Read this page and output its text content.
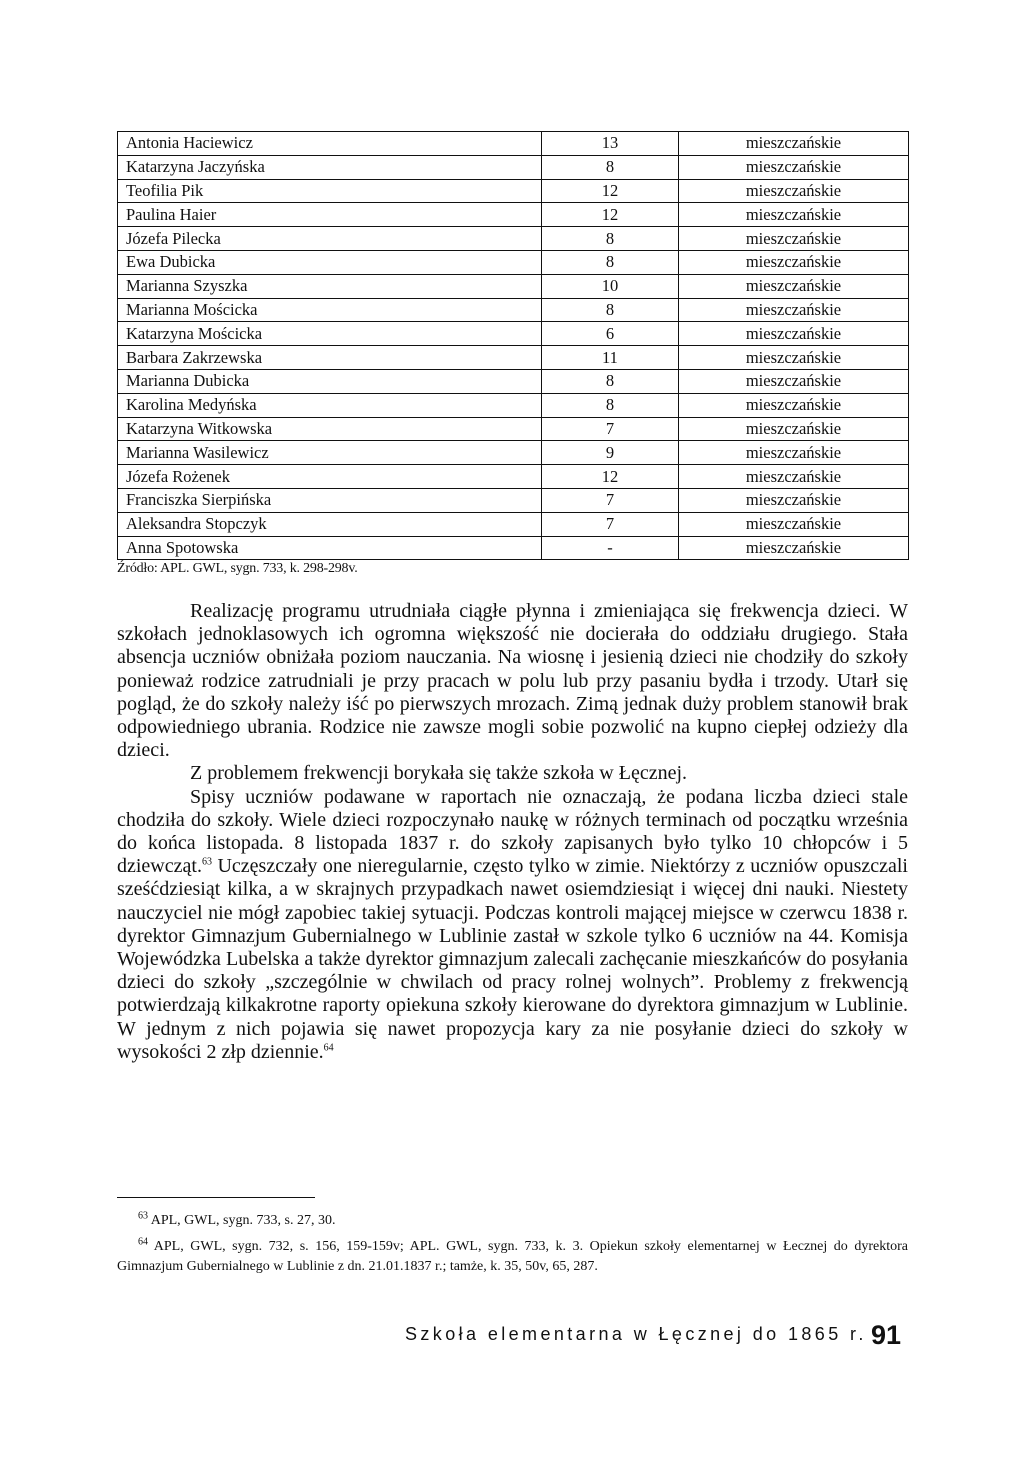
Antonia Haciewicz	13	mieszczańskie
Katarzyna Jaczyńska	8	mieszczańskie
Teofilia Pik	12	mieszczańskie
Paulina Haier	12	mieszczańskie
Józefa Pilecka	8	mieszczańskie
Ewa Dubicka	8	mieszczańskie
Marianna Szyszka	10	mieszczańskie
Marianna Mościcka	8	mieszczańskie
Katarzyna Mościcka	6	mieszczańskie
Barbara Zakrzewska	11	mieszczańskie
Marianna Dubicka	8	mieszczańskie
Karolina Medyńska	8	mieszczańskie
Katarzyna Witkowska	7	mieszczańskie
Marianna Wasilewicz	9	mieszczańskie
Józefa Rożenek	12	mieszczańskie
Franciszka Sierpińska	7	mieszczańskie
Aleksandra Stopczyk	7	mieszczańskie
Anna Spotowska	-	mieszczańskie
Źródło: APL. GWL, sygn. 733, k. 298-298v.

Realizację programu utrudniała ciągłe płynna i zmieniająca się frekwencja dzieci. W szkołach jednoklasowych ich ogromna większość nie docierała do oddziału drugiego. Stała absencja uczniów obniżała poziom nauczania. Na wiosnę i jesienią dzieci nie chodziły do szkoły ponieważ rodzice zatrudniali je przy pracach w polu lub przy pasaniu bydła i trzody. Utarł się pogląd, że do szkoły należy iść po pierwszych mrozach. Zimą jednak duży problem stanowił brak odpowiedniego ubrania. Rodzice nie zawsze mogli sobie pozwolić na kupno ciepłej odzieży dla dzieci.

Z problemem frekwencji borykała się także szkoła w Łęcznej.

Spisy uczniów podawane w raportach nie oznaczają, że podana liczba dzieci stale chodziła do szkoły. Wiele dzieci rozpoczynało naukę w różnych terminach od początku września do końca listopada. 8 listopada 1837 r. do szkoły zapisanych było tylko 10 chłopców i 5 dziewcząt.$^{63}$ Uczęszczały one nieregularnie, często tylko w zimie. Niektórzy z uczniów opuszczali sześćdziesiąt kilka, a w skrajnych przypadkach nawet osiemdziesiąt i więcej dni nauki. Niestety nauczyciel nie mógł zapobiec takiej sytuacji. Podczas kontroli mającej miejsce w czerwcu 1838 r. dyrektor Gimnazjum Gubernialnego w Lublinie zastał w szkole tylko 6 uczniów na 44. Komisja Wojewódzka Lubelska a także dyrektor gimnazjum zalecali zachęcanie mieszkańców do posyłania dzieci do szkoły „szczególnie w chwilach od pracy rolnej wolnych”. Problemy z frekwencją potwierdzają kilkakrotne raporty opiekuna szkoły kierowane do dyrektora gimnazjum w Lublinie. W jednym z nich pojawia się nawet propozycja kary za nie posyłanie dzieci do szkoły w wysokości 2 złp dziennie.$^{64}$

$^{63}$ APL, GWL, sygn. 733, s. 27, 30.

$^{64}$ APL, GWL, sygn. 732, s. 156, 159-159v; APL. GWL, sygn. 733, k. 3. Opiekun szkoły elementarnej w Łecznej do dyrektora Gimnazjum Gubernialnego w Lublinie z dn. 21.01.1837 r.; tamże, k. 35, 50v, 65, 287.

Szkoła elementarna w Łęcznej do 1865 r. 91
